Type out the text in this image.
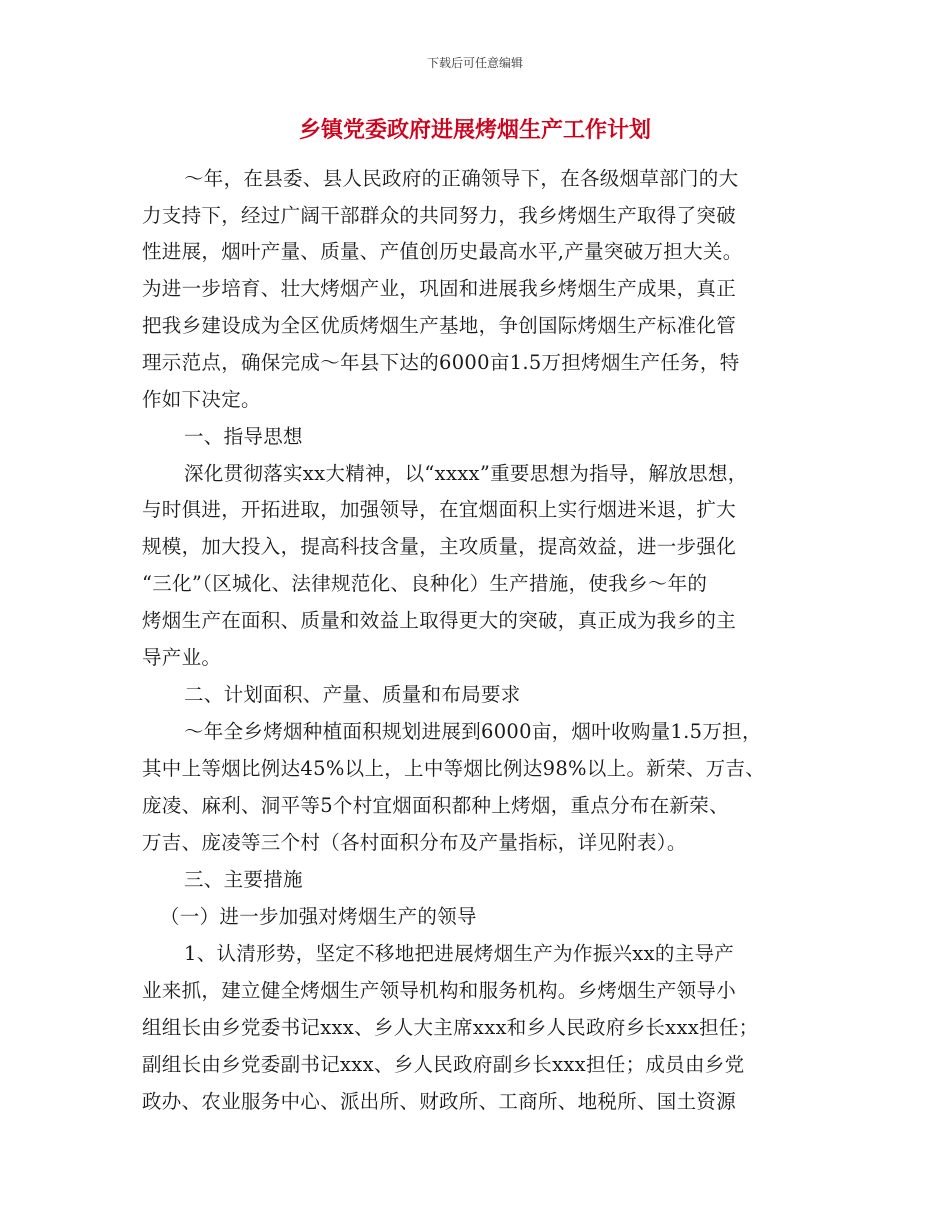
下载后可任意编辑
乡镇党委政府进展烤烟生产工作计划
～年，在县委、县人民政府的正确领导下，在各级烟草部门的大
力支持下，经过广阔干部群众的共同努力，我乡烤烟生产取得了突破
性进展，烟叶产量、质量、产值创历史最高水平,产量突破万担大关。
为进一步培育、壮大烤烟产业，巩固和进展我乡烤烟生产成果，真正
把我乡建设成为全区优质烤烟生产基地，争创国际烤烟生产标准化管
理示范点，确保完成～年县下达的6000亩1.5万担烤烟生产任务，特
作如下决定。
一、指导思想
深化贯彻落实xx大精神，以“xxxx”重要思想为指导，解放思想，
与时俱进，开拓进取，加强领导，在宜烟面积上实行烟进米退，扩大
规模，加大投入，提高科技含量，主攻质量，提高效益，进一步强化
“三化”（区城化、法律规范化、良种化）生产措施，使我乡～年的
烤烟生产在面积、质量和效益上取得更大的突破，真正成为我乡的主
导产业。
二、计划面积、产量、质量和布局要求
～年全乡烤烟种植面积规划进展到6000亩，烟叶收购量1.5万担，
其中上等烟比例达45%以上，上中等烟比例达98%以上。新荣、万吉、
庞凌、麻利、洞平等5个村宜烟面积都种上烤烟，重点分布在新荣、
万吉、庞凌等三个村（各村面积分布及产量指标，详见附表）。
三、主要措施
（一）进一步加强对烤烟生产的领导
1、认清形势，坚定不移地把进展烤烟生产为作振兴xx的主导产
业来抓，建立健全烤烟生产领导机构和服务机构。乡烤烟生产领导小
组组长由乡党委书记xxx、乡人大主席xxx和乡人民政府乡长xxx担任；
副组长由乡党委副书记xxx、乡人民政府副乡长xxx担任；成员由乡党
政办、农业服务中心、派出所、财政所、工商所、地税所、国土资源
